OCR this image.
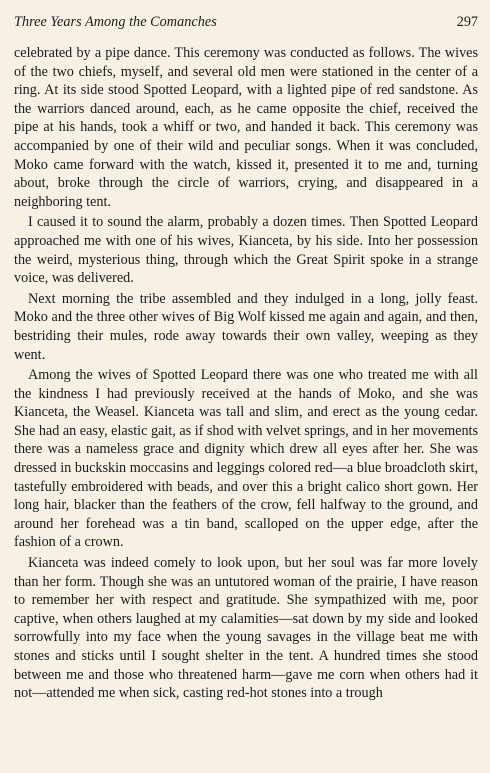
Three Years Among the Comanches	297

celebrated by a pipe dance. This ceremony was conducted as follows. The wives of the two chiefs, myself, and several old men were stationed in the center of a ring. At its side stood Spotted Leopard, with a lighted pipe of red sandstone. As the warriors danced around, each, as he came opposite the chief, received the pipe at his hands, took a whiff or two, and handed it back. This ceremony was accompanied by one of their wild and peculiar songs. When it was concluded, Moko came forward with the watch, kissed it, presented it to me and, turning about, broke through the circle of warriors, crying, and disappeared in a neighboring tent.

I caused it to sound the alarm, probably a dozen times. Then Spotted Leopard approached me with one of his wives, Kianceta, by his side. Into her possession the weird, mysterious thing, through which the Great Spirit spoke in a strange voice, was delivered.

Next morning the tribe assembled and they indulged in a long, jolly feast. Moko and the three other wives of Big Wolf kissed me again and again, and then, bestriding their mules, rode away towards their own valley, weeping as they went.

Among the wives of Spotted Leopard there was one who treated me with all the kindness I had previously received at the hands of Moko, and she was Kianceta, the Weasel. Kianceta was tall and slim, and erect as the young cedar. She had an easy, elastic gait, as if shod with velvet springs, and in her movements there was a nameless grace and dignity which drew all eyes after her. She was dressed in buckskin moccasins and leggings colored red—a blue broadcloth skirt, tastefully embroidered with beads, and over this a bright calico short gown. Her long hair, blacker than the feathers of the crow, fell halfway to the ground, and around her forehead was a tin band, scalloped on the upper edge, after the fashion of a crown.

Kianceta was indeed comely to look upon, but her soul was far more lovely than her form. Though she was an untutored woman of the prairie, I have reason to remember her with respect and gratitude. She sympathized with me, poor captive, when others laughed at my calamities—sat down by my side and looked sorrowfully into my face when the young savages in the village beat me with stones and sticks until I sought shelter in the tent. A hundred times she stood between me and those who threatened harm—gave me corn when others had it not—attended me when sick, casting red-hot stones into a trough
